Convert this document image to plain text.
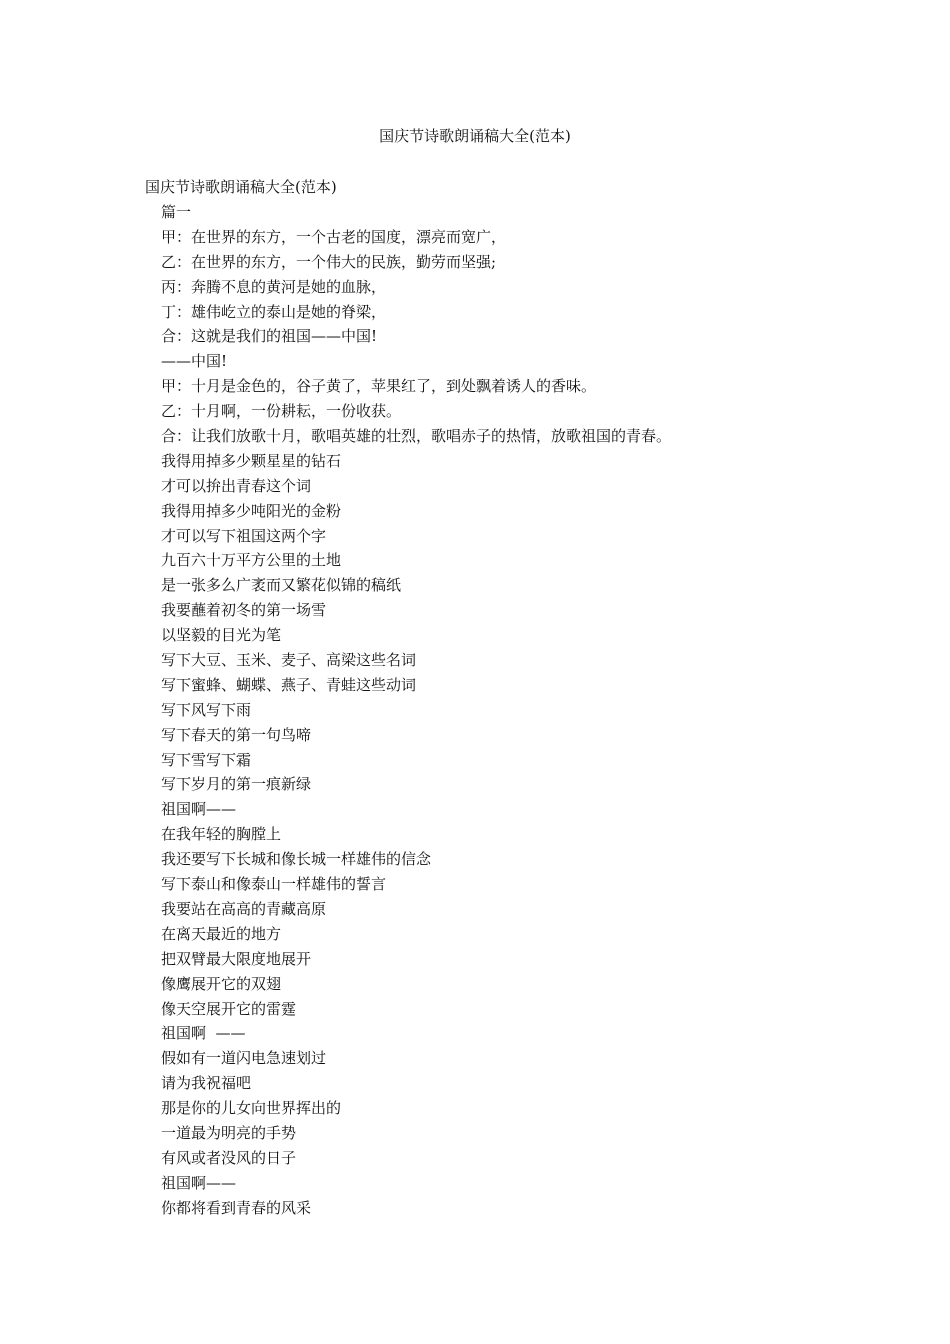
国庆节诗歌朗诵稿大全(范本)
国庆节诗歌朗诵稿大全(范本)
篇一
甲：在世界的东方，一个古老的国度，漂亮而宽广，
乙：在世界的东方，一个伟大的民族，勤劳而坚强;
丙：奔腾不息的黄河是她的血脉，
丁：雄伟屹立的泰山是她的脊梁，
合：这就是我们的祖国——中国!
——中国!
甲：十月是金色的，谷子黄了，苹果红了，到处飘着诱人的香味。
乙：十月啊，一份耕耘，一份收获。
合：让我们放歌十月，歌唱英雄的壮烈，歌唱赤子的热情，放歌祖国的青春。
我得用掉多少颗星星的钻石
才可以拚出青春这个词
我得用掉多少吨阳光的金粉
才可以写下祖国这两个字
九百六十万平方公里的土地
是一张多么广袤而又繁花似锦的稿纸
我要蘸着初冬的第一场雪
以坚毅的目光为笔
写下大豆、玉米、麦子、高梁这些名词
写下蜜蜂、蝴蝶、燕子、青蛙这些动词
写下风写下雨
写下春天的第一句鸟啼
写下雪写下霜
写下岁月的第一痕新绿
祖国啊——
在我年轻的胸膛上
我还要写下长城和像长城一样雄伟的信念
写下泰山和像泰山一样雄伟的誓言
我要站在高高的青藏高原
在离天最近的地方
把双臂最大限度地展开
像鹰展开它的双翅
像天空展开它的雷霆
祖国啊  ——
假如有一道闪电急速划过
请为我祝福吧
那是你的儿女向世界挥出的
一道最为明亮的手势
有风或者没风的日子
祖国啊——
你都将看到青春的风采
